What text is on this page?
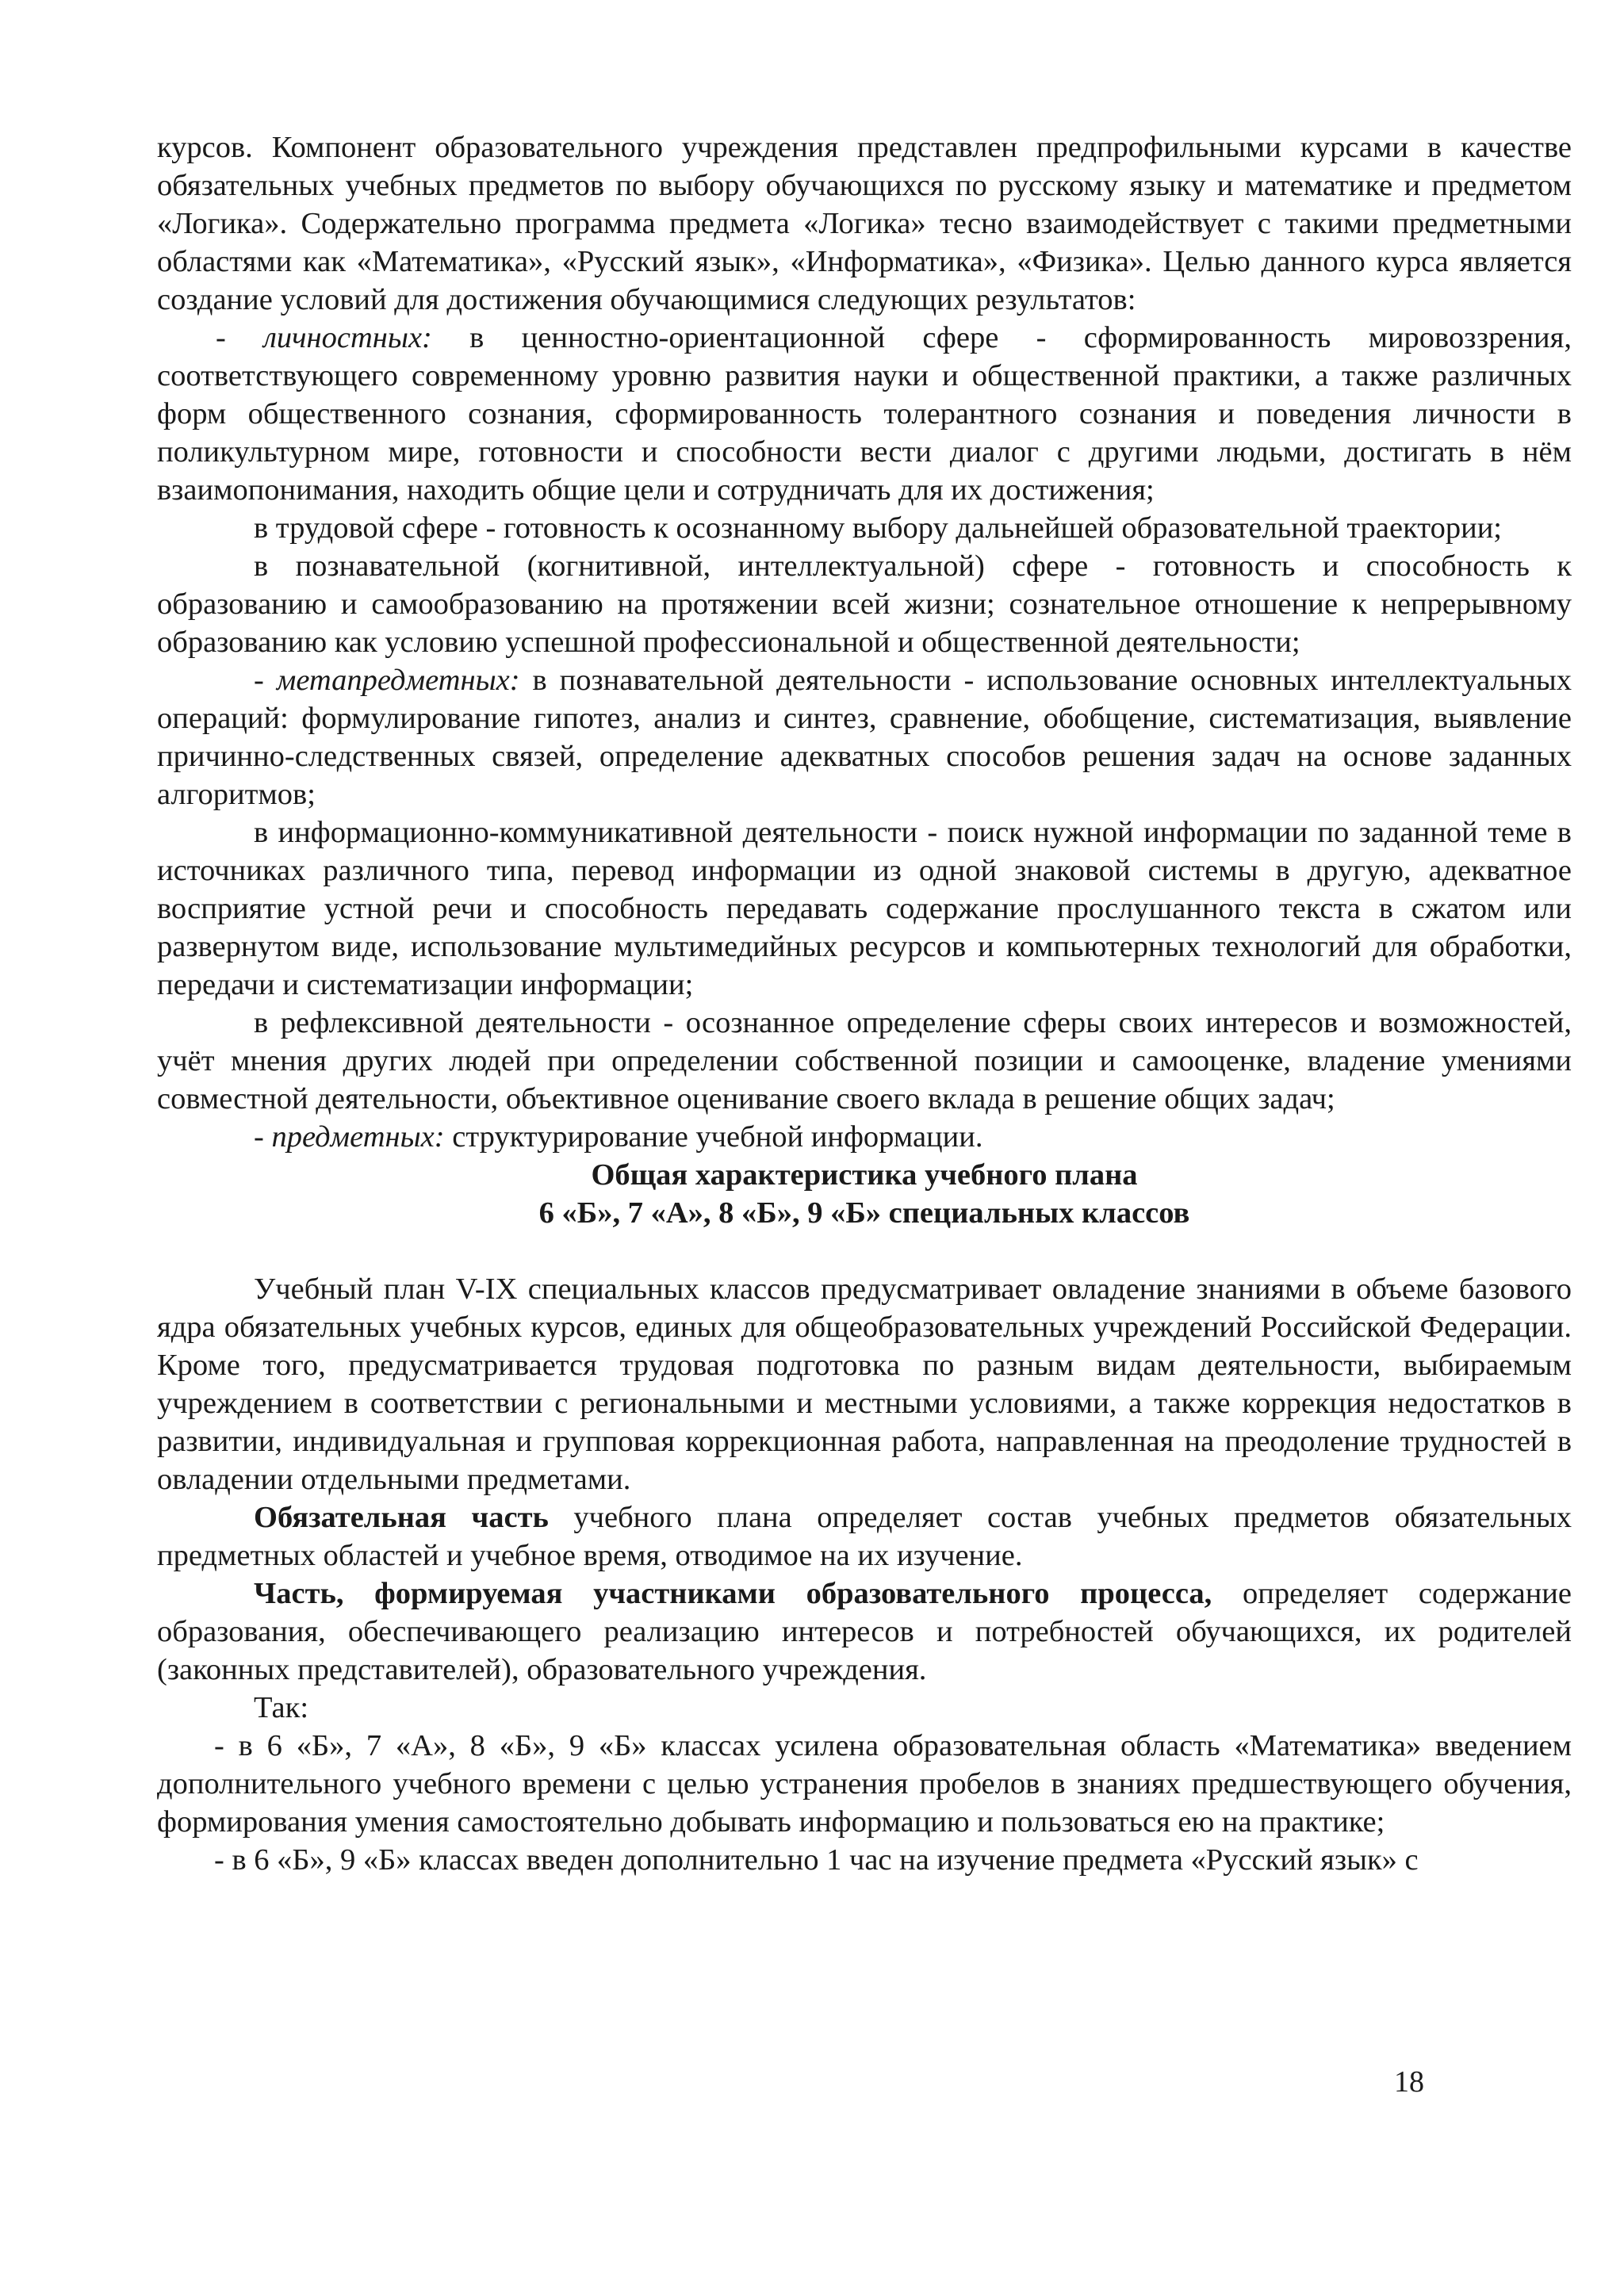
курсов. Компонент образовательного учреждения представлен предпрофильными курсами в качестве обязательных учебных предметов по выбору обучающихся по русскому языку и математике и предметом «Логика». Содержательно программа предмета «Логика» тесно взаимодействует с такими предметными областями как «Математика», «Русский язык», «Информатика», «Физика». Целью данного курса является создание условий для достижения обучающимися следующих результатов:

- личностных: в ценностно-ориентационной сфере - сформированность мировоззрения, соответствующего современному уровню развития науки и общественной практики, а также различных форм общественного сознания, сформированность толерантного сознания и поведения личности в поликультурном мире, готовности и способности вести диалог с другими людьми, достигать в нём взаимопонимания, находить общие цели и сотрудничать для их достижения;

в трудовой сфере - готовность к осознанному выбору дальнейшей образовательной траектории;

в познавательной (когнитивной, интеллектуальной) сфере - готовность и способность к образованию и самообразованию на протяжении всей жизни; сознательное отношение к непрерывному образованию как условию успешной профессиональной и общественной деятельности;

- метапредметных: в познавательной деятельности - использование основных интеллектуальных операций: формулирование гипотез, анализ и синтез, сравнение, обобщение, систематизация, выявление причинно-следственных связей, определение адекватных способов решения задач на основе заданных алгоритмов;

в информационно-коммуникативной деятельности - поиск нужной информации по заданной теме в источниках различного типа, перевод информации из одной знаковой системы в другую, адекватное восприятие устной речи и способность передавать содержание прослушанного текста в сжатом или развернутом виде, использование мультимедийных ресурсов и компьютерных технологий для обработки, передачи и систематизации информации;

в рефлексивной деятельности - осознанное определение сферы своих интересов и возможностей, учёт мнения других людей при определении собственной позиции и самооценке, владение умениями совместной деятельности, объективное оценивание своего вклада в решение общих задач;

- предметных: структурирование учебной информации.

Общая характеристика учебного плана

6 «Б», 7 «А», 8 «Б», 9 «Б» специальных классов

Учебный план V-IX специальных классов предусматривает овладение знаниями в объеме базового ядра обязательных учебных курсов, единых для общеобразовательных учреждений Российской Федерации. Кроме того, предусматривается трудовая подготовка по разным видам деятельности, выбираемым учреждением в соответствии с региональными и местными условиями, а также коррекция недостатков в развитии, индивидуальная и групповая коррекционная работа, направленная на преодоление трудностей в овладении отдельными предметами.

Обязательная часть учебного плана определяет состав учебных предметов обязательных предметных областей и учебное время, отводимое на их изучение.

Часть, формируемая участниками образовательного процесса, определяет содержание образования, обеспечивающего реализацию интересов и потребностей обучающихся, их родителей (законных представителей), образовательного учреждения.

Так:

- в 6 «Б», 7 «А», 8 «Б», 9 «Б» классах усилена образовательная область «Математика» введением дополнительного учебного времени с целью устранения пробелов в знаниях предшествующего обучения, формирования умения самостоятельно добывать информацию и пользоваться ею на практике;

- в 6 «Б», 9 «Б» классах введен дополнительно 1 час на изучение предмета «Русский язык» с

18
